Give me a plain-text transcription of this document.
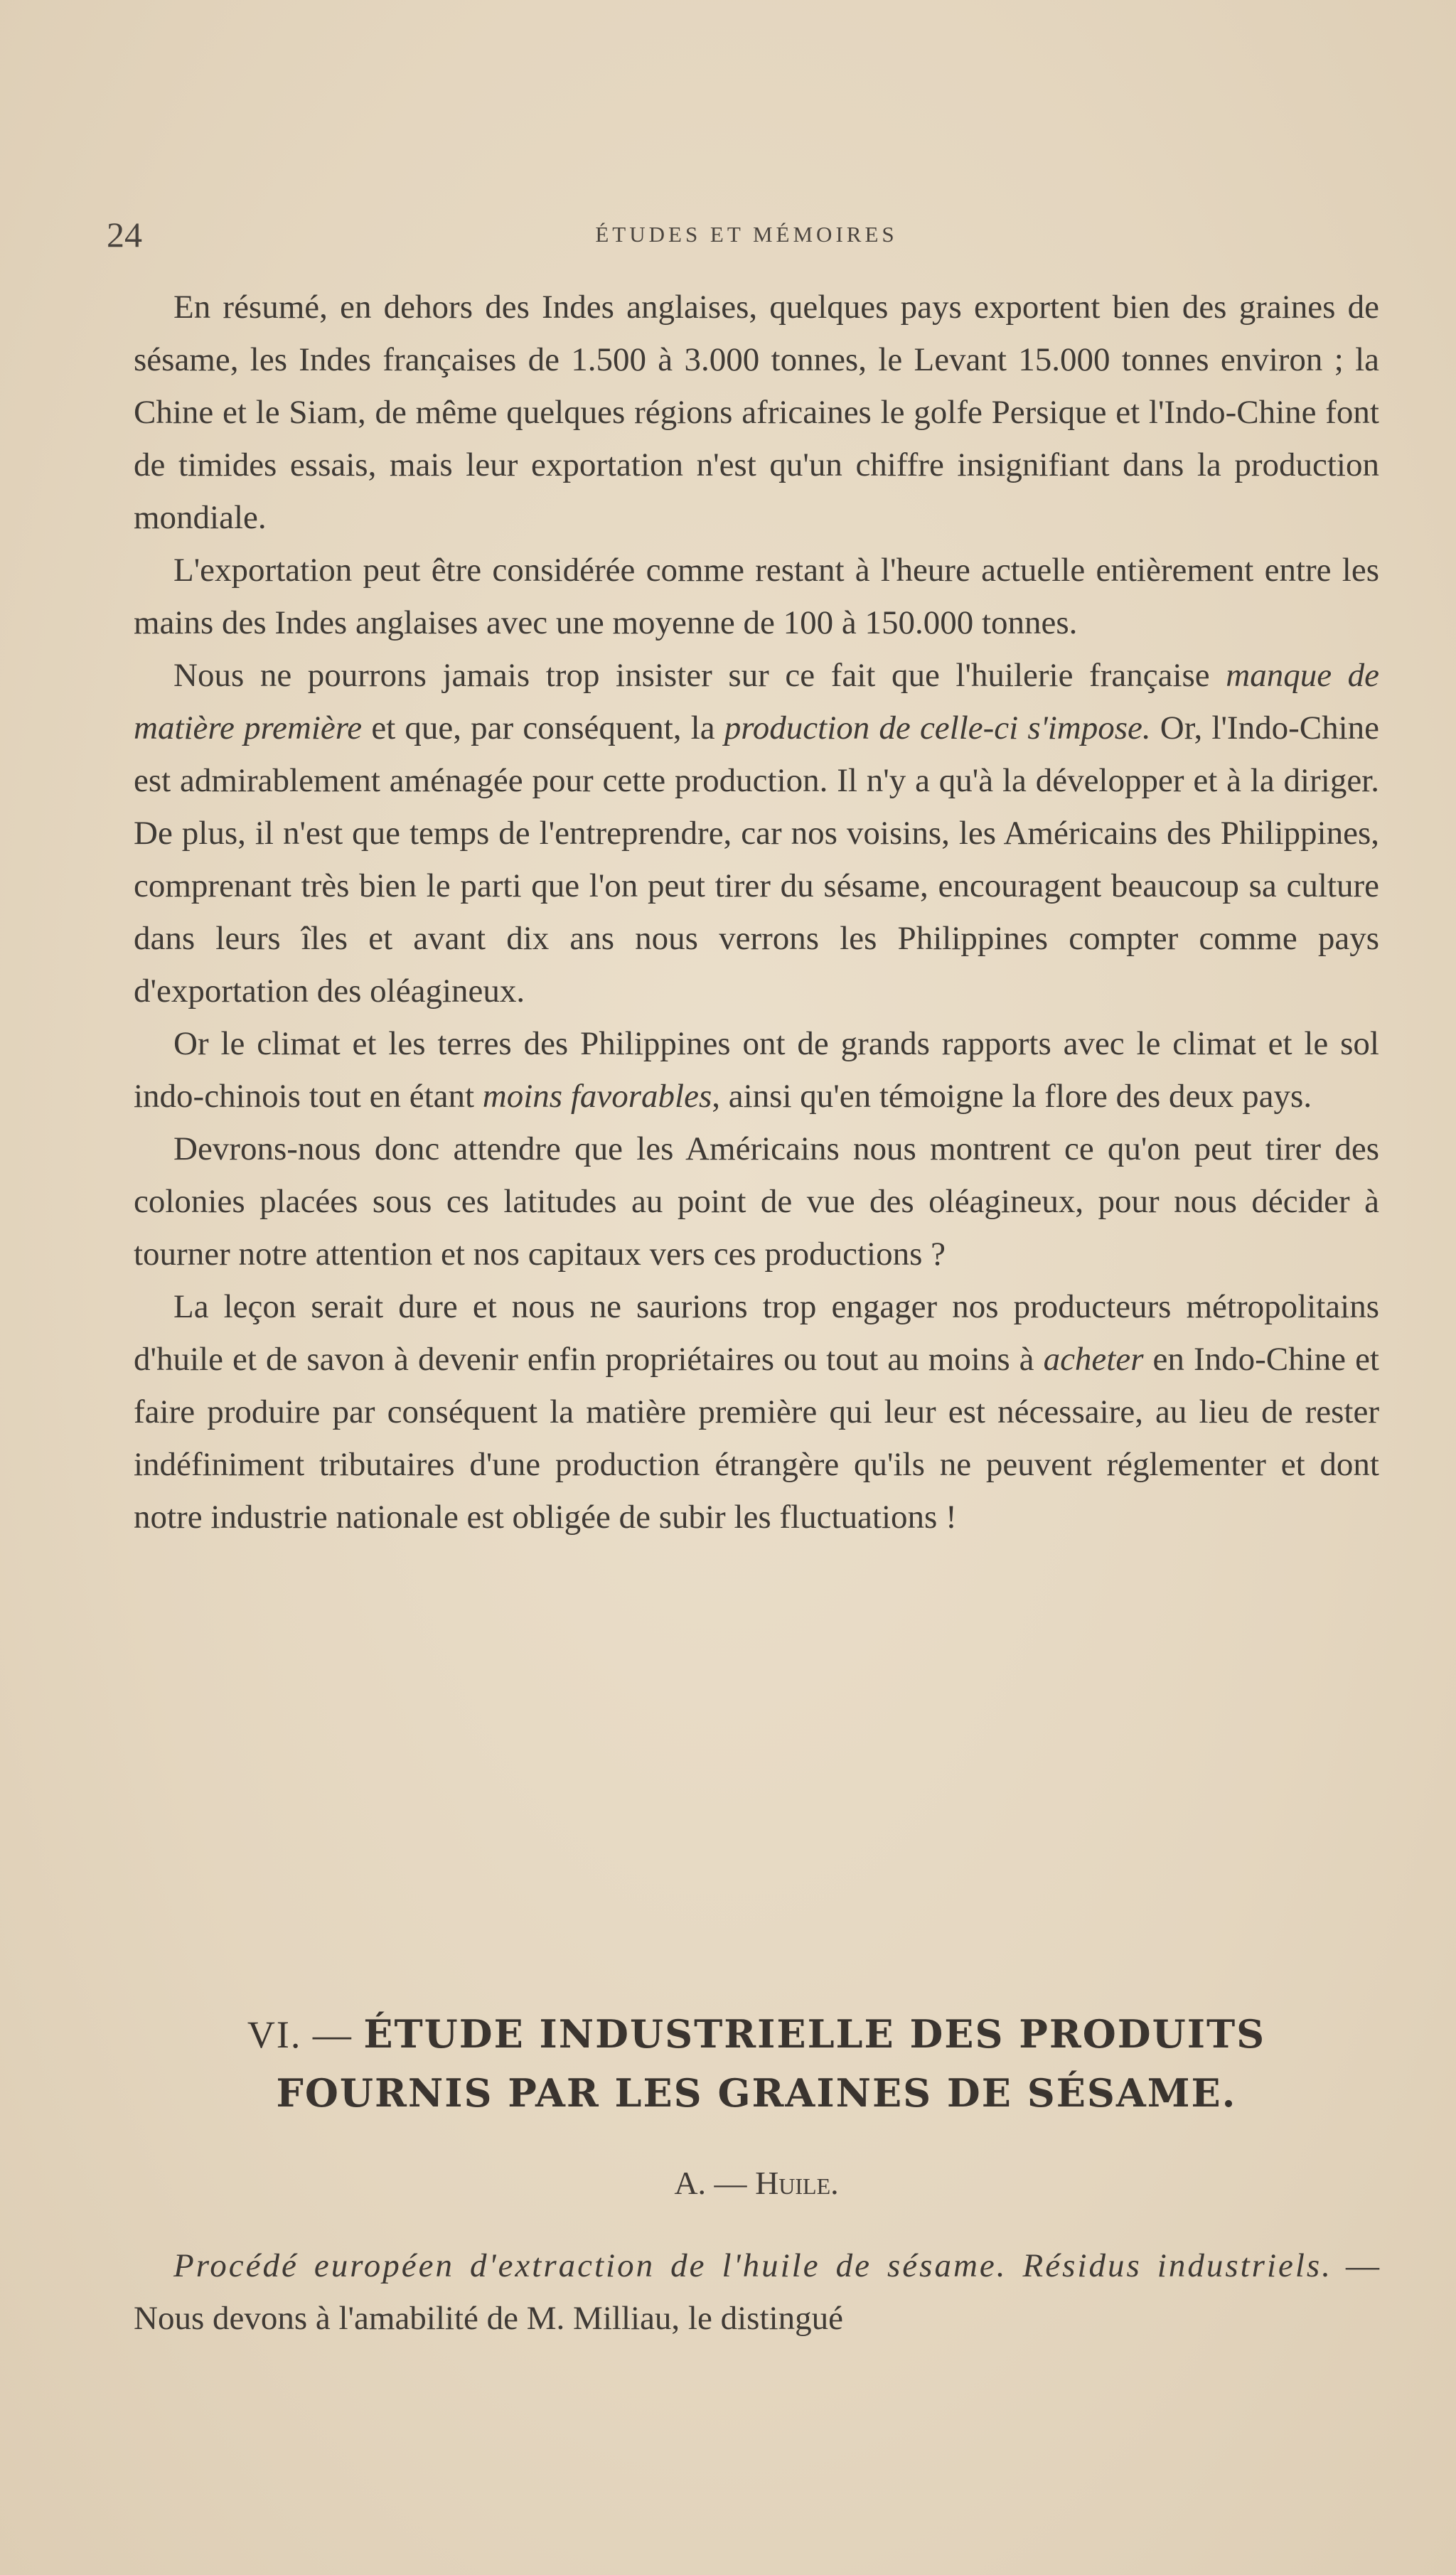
24	ÉTUDES ET MÉMOIRES

En résumé, en dehors des Indes anglaises, quelques pays exportent bien des graines de sésame, les Indes françaises de 1.500 à 3.000 tonnes, le Levant 15.000 tonnes environ ; la Chine et le Siam, de même quelques régions africaines le golfe Persique et l'Indo-Chine font de timides essais, mais leur exportation n'est qu'un chiffre insignifiant dans la production mondiale.

L'exportation peut être considérée comme restant à l'heure actuelle entièrement entre les mains des Indes anglaises avec une moyenne de 100 à 150.000 tonnes.

Nous ne pourrons jamais trop insister sur ce fait que l'huilerie française manque de matière première et que, par conséquent, la production de celle-ci s'impose. Or, l'Indo-Chine est admirablement aménagée pour cette production. Il n'y a qu'à la développer et à la diriger. De plus, il n'est que temps de l'entreprendre, car nos voisins, les Américains des Philippines, comprenant très bien le parti que l'on peut tirer du sésame, encouragent beaucoup sa culture dans leurs îles et avant dix ans nous verrons les Philippines compter comme pays d'exportation des oléagineux.

Or le climat et les terres des Philippines ont de grands rapports avec le climat et le sol indo-chinois tout en étant moins favorables, ainsi qu'en témoigne la flore des deux pays.

Devrons-nous donc attendre que les Américains nous montrent ce qu'on peut tirer des colonies placées sous ces latitudes au point de vue des oléagineux, pour nous décider à tourner notre attention et nos capitaux vers ces productions ?

La leçon serait dure et nous ne saurions trop engager nos producteurs métropolitains d'huile et de savon à devenir enfin propriétaires ou tout au moins à acheter en Indo-Chine et faire produire par conséquent la matière première qui leur est nécessaire, au lieu de rester indéfiniment tributaires d'une production étrangère qu'ils ne peuvent réglementer et dont notre industrie nationale est obligée de subir les fluctuations !

VI. — ÉTUDE INDUSTRIELLE DES PRODUITS
FOURNIS PAR LES GRAINES DE SÉSAME.
A. — Huile.

Procédé européen d'extraction de l'huile de sésame. Résidus industriels. — Nous devons à l'amabilité de M. Milliau, le distingué
